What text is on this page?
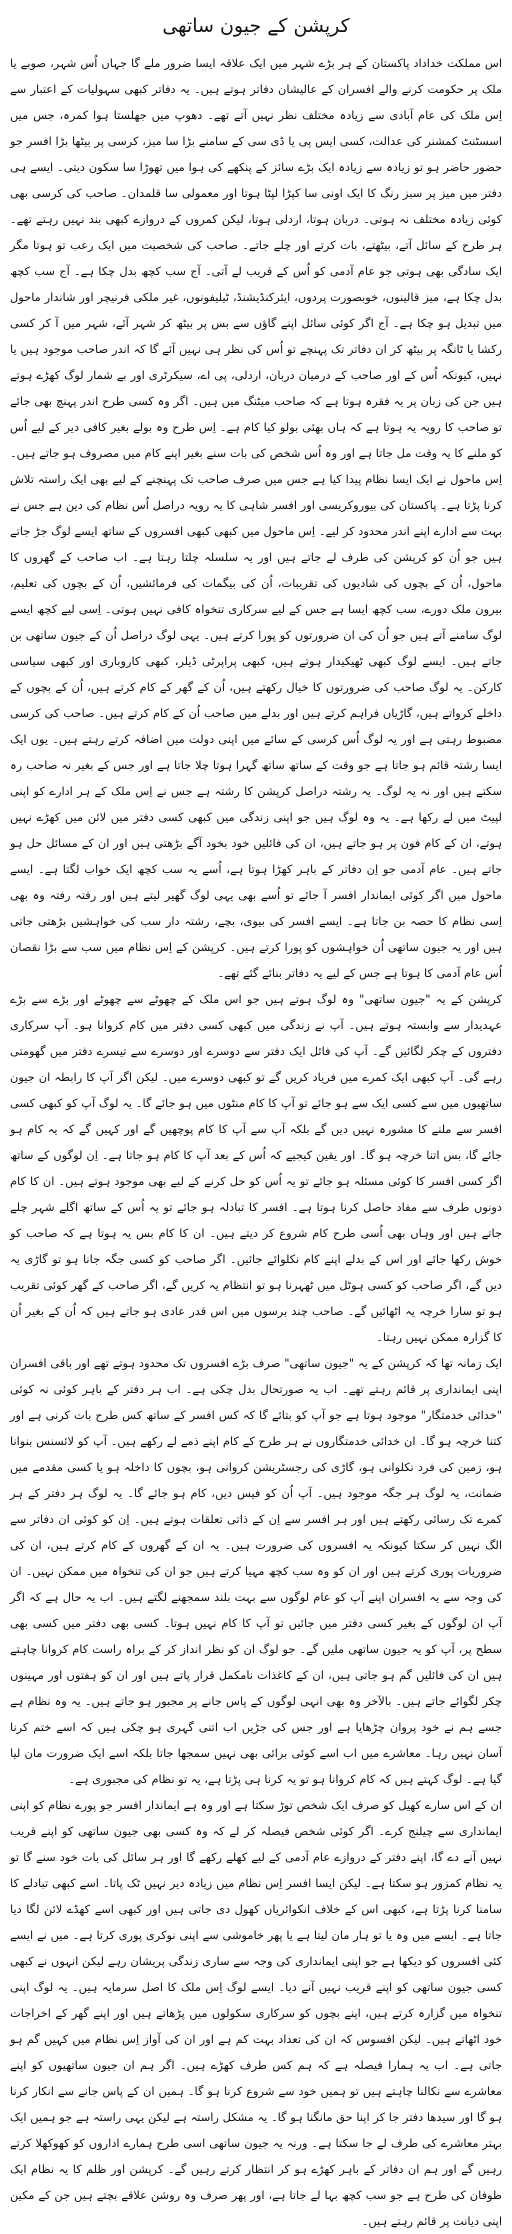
کرپشن کے جیون ساتھی

اس مملکت خداداد پاکستان کے ہر بڑے شہر میں ایک علاقہ ایسا ضرور ملے گا جہاں اُس شہر، صوبے یا ملک پر حکومت کرنے والے افسران کے عالیشان دفاتر ہوتے ہیں۔ یہ دفاتر کبھی سہولیات کے اعتبار سے اِس ملک کی عام آبادی سے زیادہ مختلف نظر نہیں آتے تھے۔ دھوپ میں جھلستا ہوا کمرہ، جس میں اسسٹنٹ کمشنر کی عدالت، کسی ایس پی یا ڈی سی کے سامنے بڑا سا میز، کرسی پر بیٹھا بڑا افسر جو حضور حاضر ہو تو زیادہ سے زیادہ ایک بڑے سائز کے پنکھے کی ہوا میں تھوڑا سا سکون دیتی۔ ایسے ہی دفتر میں میز پر سبز رنگ کا ایک اونی سا کپڑا لپٹا ہوتا اور معمولی سا قلمدان۔ صاحب کی کرسی بھی کوئی زیادہ مختلف نہ ہوتی۔ دربان ہوتا، اردلی ہوتا، لیکن کمروں کے دروازے کبھی بند نہیں رہتے تھے۔ ہر طرح کے سائل آتے، بیٹھتے، بات کرتے اور چلے جاتے۔ صاحب کی شخصیت میں ایک رعب تو ہوتا مگر ایک سادگی بھی ہوتی جو عام آدمی کو اُس کے قریب لے آتی۔ آج سب کچھ بدل چکا ہے۔ آج سب کچھ بدل چکا ہے، میز قالینوں، خوبصورت پردوں، ایئرکنڈیشنڈ، ٹیلیفونوں، غیر ملکی فرنیچر اور شاندار ماحول میں تبدیل ہو چکا ہے۔ آج اگر کوئی سائل اپنے گاؤں سے بس پر بیٹھ کر شہر آئے، شہر میں آ کر کسی رکشا یا ٹانگہ پر بیٹھ کر ان دفاتر تک پہنچے تو اُس کی نظر ہی نہیں آئے گا کہ اندر صاحب موجود ہیں یا نہیں، کیونکہ اُس کے اور صاحب کے درمیان دربان، اردلی، پی اے، سیکرٹری اور بے شمار لوگ کھڑے ہوتے ہیں جن کی زبان پر یہ فقرہ ہوتا ہے کہ صاحب میٹنگ میں ہیں۔ اگر وہ کسی طرح اندر پہنچ بھی جائے تو صاحب کا رویہ یہ ہوتا ہے کہ ہاں بھئی بولو کیا کام ہے۔ اِس طرح وہ بولے بغیر کافی دیر کے لیے اُس کو ملنے کا یہ وقت مل جاتا ہے اور وہ اُس شخص کی بات سنے بغیر اپنے کام میں مصروف ہو جاتے ہیں۔ اِس ماحول نے ایک ایسا نظام پیدا کیا ہے جس میں صرف صاحب تک پہنچنے کے لیے بھی ایک راستہ تلاش کرنا پڑتا ہے۔ پاکستان کی بیوروکریسی اور افسر شاہی کا یہ رویہ دراصل اُس نظام کی دین ہے جس نے بہت سے ادارے اپنے اندر محدود کر لیے۔ اِس ماحول میں کبھی کبھی افسروں کے ساتھ ایسے لوگ جڑ جاتے ہیں جو اُن کو کرپشن کی طرف لے جاتے ہیں اور یہ سلسلہ چلتا رہتا ہے۔ اب صاحب کے گھروں کا ماحول، اُن کے بچوں کی شادیوں کی تقریبات، اُن کی بیگمات کی فرمائشیں، اُن کے بچوں کی تعلیم، بیرون ملک دورے، سب کچھ ایسا ہے جس کے لیے سرکاری تنخواہ کافی نہیں ہوتی۔ اِسی لیے کچھ ایسے لوگ سامنے آتے ہیں جو اُن کی ان ضرورتوں کو پورا کرتے ہیں۔ یہی لوگ دراصل اُن کے جیون ساتھی بن جاتے ہیں۔ ایسے لوگ کبھی ٹھیکیدار ہوتے ہیں، کبھی پراپرٹی ڈیلر، کبھی کاروباری اور کبھی سیاسی کارکن۔ یہ لوگ صاحب کی ضرورتوں کا خیال رکھتے ہیں، اُن کے گھر کے کام کرتے ہیں، اُن کے بچوں کے داخلے کرواتے ہیں، گاڑیاں فراہم کرتے ہیں اور بدلے میں صاحب اُن کے کام کرتے ہیں۔ صاحب کی کرسی مضبوط رہتی ہے اور یہ لوگ اُس کرسی کے سائے میں اپنی دولت میں اضافہ کرتے رہتے ہیں۔ یوں ایک ایسا رشتہ قائم ہو جاتا ہے جو وقت کے ساتھ ساتھ گہرا ہوتا چلا جاتا ہے اور جس کے بغیر نہ صاحب رہ سکتے ہیں اور نہ یہ لوگ۔ یہ رشتہ دراصل کرپشن کا رشتہ ہے جس نے اِس ملک کے ہر ادارے کو اپنی لپیٹ میں لے رکھا ہے۔ یہ وہ لوگ ہیں جو اپنی زندگی میں کبھی کسی دفتر میں لائن میں کھڑے نہیں ہوتے، ان کے کام فون پر ہو جاتے ہیں، ان کی فائلیں خود بخود آگے بڑھتی ہیں اور ان کے مسائل حل ہو جاتے ہیں۔ عام آدمی جو اِن دفاتر کے باہر کھڑا ہوتا ہے، اُسے یہ سب کچھ ایک خواب لگتا ہے۔ ایسے ماحول میں اگر کوئی ایماندار افسر آ جائے تو اُسے بھی یہی لوگ گھیر لیتے ہیں اور رفتہ رفتہ وہ بھی اِسی نظام کا حصہ بن جاتا ہے۔ ایسے افسر کی بیوی، بچے، رشتہ دار سب کی خواہشیں بڑھتی جاتی ہیں اور یہ جیون ساتھی اُن خواہشوں کو پورا کرتے ہیں۔ کرپشن کے اِس نظام میں سب سے بڑا نقصان اُس عام آدمی کا ہوتا ہے جس کے لیے یہ دفاتر بنائے گئے تھے۔

کرپشن کے یہ "جیون ساتھی" وہ لوگ ہوتے ہیں جو اس ملک کے چھوٹے سے چھوٹے اور بڑے سے بڑے عہدیدار سے وابستہ ہوتے ہیں۔ آپ نے زندگی میں کبھی کسی دفتر میں کام کروانا ہو۔ آپ سرکاری دفتروں کے چکر لگائیں گے۔ آپ کی فائل ایک دفتر سے دوسرے اور دوسرے سے تیسرے دفتر میں گھومتی رہے گی۔ آپ کبھی ایک کمرے میں فریاد کریں گے تو کبھی دوسرے میں۔ لیکن اگر آپ کا رابطہ ان جیون ساتھیوں میں سے کسی ایک سے ہو جائے تو آپ کا کام منٹوں میں ہو جائے گا۔ یہ لوگ آپ کو کبھی کسی افسر سے ملنے کا مشورہ نہیں دیں گے بلکہ آپ سے آپ کا کام پوچھیں گے اور کہیں گے کہ یہ کام ہو جائے گا، بس اتنا خرچہ ہو گا۔ اور یقین کیجیے کہ اُس کے بعد آپ کا کام ہو جاتا ہے۔ اِن لوگوں کے ساتھ اگر کسی افسر کا کوئی مسئلہ ہو جائے تو یہ اُس کو حل کرنے کے لیے بھی موجود ہوتے ہیں۔ ان کا کام دونوں طرف سے مفاد حاصل کرنا ہوتا ہے۔ افسر کا تبادلہ ہو جائے تو یہ اُس کے ساتھ اگلے شہر چلے جاتے ہیں اور وہاں بھی اُسی طرح کام شروع کر دیتے ہیں۔ ان کا کام بس یہ ہوتا ہے کہ صاحب کو خوش رکھا جائے اور اس کے بدلے اپنے کام نکلوائے جائیں۔ اگر صاحب کو کسی جگہ جانا ہو تو گاڑی یہ دیں گے، اگر صاحب کو کسی ہوٹل میں ٹھہرنا ہو تو انتظام یہ کریں گے، اگر صاحب کے گھر کوئی تقریب ہو تو سارا خرچہ یہ اٹھائیں گے۔ صاحب چند برسوں میں اس قدر عادی ہو جاتے ہیں کہ اُن کے بغیر اُن کا گزارہ ممکن نہیں رہتا۔

ایک زمانہ تھا کہ کرپشن کے یہ "جیون ساتھی" صرف بڑے افسروں تک محدود ہوتے تھے اور باقی افسران اپنی ایمانداری پر قائم رہتے تھے۔ اب یہ صورتحال بدل چکی ہے۔ اب ہر دفتر کے باہر کوئی نہ کوئی "خدائی خدمتگار" موجود ہوتا ہے جو آپ کو بتائے گا کہ کس افسر کے ساتھ کس طرح بات کرنی ہے اور کتنا خرچہ ہو گا۔ ان خدائی خدمتگاروں نے ہر طرح کے کام اپنے ذمے لے رکھے ہیں۔ آپ کو لائسنس بنوانا ہو، زمین کی فرد نکلوانی ہو، گاڑی کی رجسٹریشن کروانی ہو، بچوں کا داخلہ ہو یا کسی مقدمے میں ضمانت، یہ لوگ ہر جگہ موجود ہیں۔ آپ اُن کو فیس دیں، کام ہو جائے گا۔ یہ لوگ ہر دفتر کے ہر کمرے تک رسائی رکھتے ہیں اور ہر افسر سے اِن کے ذاتی تعلقات ہوتے ہیں۔ اِن کو کوئی ان دفاتر سے الگ نہیں کر سکتا کیونکہ یہ افسروں کی ضرورت ہیں۔ یہ ان کے گھروں کے کام کرتے ہیں، ان کی ضروریات پوری کرتے ہیں اور ان کو وہ سب کچھ مہیا کرتے ہیں جو ان کی تنخواہ میں ممکن نہیں۔ ان کی وجہ سے یہ افسران اپنے آپ کو عام لوگوں سے بہت بلند سمجھنے لگتے ہیں۔ اب یہ حال ہے کہ اگر آپ ان لوگوں کے بغیر کسی دفتر میں جائیں تو آپ کا کام نہیں ہوتا۔ کسی بھی دفتر میں کسی بھی سطح پر، آپ کو یہ جیون ساتھی ملیں گے۔ جو لوگ ان کو نظر انداز کر کے براہ راست کام کروانا چاہتے ہیں ان کی فائلیں گم ہو جاتی ہیں، ان کے کاغذات نامکمل قرار پاتے ہیں اور ان کو ہفتوں اور مہینوں چکر لگوائے جاتے ہیں۔ بالآخر وہ بھی انہی لوگوں کے پاس جانے پر مجبور ہو جاتے ہیں۔ یہ وہ نظام ہے جسے ہم نے خود پروان چڑھایا ہے اور جس کی جڑیں اب اتنی گہری ہو چکی ہیں کہ اسے ختم کرنا آسان نہیں رہا۔ معاشرے میں اب اسے کوئی برائی بھی نہیں سمجھا جاتا بلکہ اسے ایک ضرورت مان لیا گیا ہے۔ لوگ کہتے ہیں کہ کام کروانا ہو تو یہ کرنا ہی پڑتا ہے، یہ تو نظام کی مجبوری ہے۔

ان کے اس سارے کھیل کو صرف ایک شخص توڑ سکتا ہے اور وہ ہے ایماندار افسر جو پورے نظام کو اپنی ایمانداری سے چیلنج کرے۔ اگر کوئی شخص فیصلہ کر لے کہ وہ کسی بھی جیون ساتھی کو اپنے قریب نہیں آنے دے گا، اپنے دفتر کے دروازے عام آدمی کے لیے کھلے رکھے گا اور ہر سائل کی بات خود سنے گا تو یہ نظام کمزور ہو سکتا ہے۔ لیکن ایسا افسر اِس نظام میں زیادہ دیر نہیں ٹک پاتا۔ اسے کبھی تبادلے کا سامنا کرنا پڑتا ہے، کبھی اس کے خلاف انکوائریاں کھول دی جاتی ہیں اور کبھی اسے کھڈے لائن لگا دیا جاتا ہے۔ ایسے میں وہ یا تو ہار مان لیتا ہے یا پھر خاموشی سے اپنی نوکری پوری کرتا ہے۔ میں نے ایسے کئی افسروں کو دیکھا ہے جو اپنی ایمانداری کی وجہ سے ساری زندگی پریشان رہے لیکن انہوں نے کبھی کسی جیون ساتھی کو اپنے قریب نہیں آنے دیا۔ ایسے لوگ اِس ملک کا اصل سرمایہ ہیں۔ یہ لوگ اپنی تنخواہ میں گزارہ کرتے ہیں، اپنے بچوں کو سرکاری سکولوں میں پڑھاتے ہیں اور اپنے گھر کے اخراجات خود اٹھاتے ہیں۔ لیکن افسوس کہ ان کی تعداد بہت کم ہے اور ان کی آواز اِس نظام میں کہیں گم ہو جاتی ہے۔ اب یہ ہمارا فیصلہ ہے کہ ہم کس طرف کھڑے ہیں۔ اگر ہم ان جیون ساتھیوں کو اپنے معاشرے سے نکالنا چاہتے ہیں تو ہمیں خود سے شروع کرنا ہو گا۔ ہمیں ان کے پاس جانے سے انکار کرنا ہو گا اور سیدھا دفتر جا کر اپنا حق مانگنا ہو گا۔ یہ مشکل راستہ ہے لیکن یہی راستہ ہے جو ہمیں ایک بہتر معاشرے کی طرف لے جا سکتا ہے۔ ورنہ یہ جیون ساتھی اسی طرح ہمارے اداروں کو کھوکھلا کرتے رہیں گے اور ہم ان دفاتر کے باہر کھڑے ہو کر انتظار کرتے رہیں گے۔ کرپشن اور ظلم کا یہ نظام ایک طوفان کی طرح ہے جو سب کچھ بہا لے جاتا ہے، اور پھر صرف وہ روشن علاقے بچتے ہیں جن کے مکین اپنی دیانت پر قائم رہتے ہیں۔
